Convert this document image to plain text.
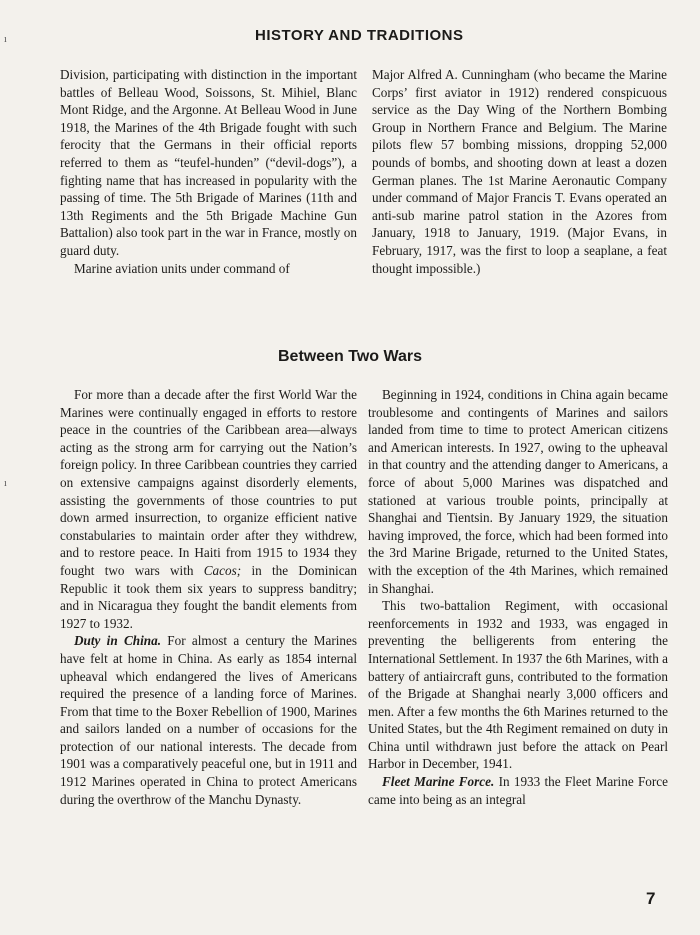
HISTORY AND TRADITIONS

Division, participating with distinction in the important battles of Belleau Wood, Soissons, St. Mihiel, Blanc Mont Ridge, and the Argonne. At Belleau Wood in June 1918, the Marines of the 4th Brigade fought with such ferocity that the Germans in their official reports referred to them as “teufel-hunden” (“devil-dogs”), a fighting name that has increased in popularity with the passing of time. The 5th Brigade of Marines (11th and 13th Regiments and the 5th Brigade Machine Gun Battalion) also took part in the war in France, mostly on guard duty.

Marine aviation units under command of

Major Alfred A. Cunningham (who became the Marine Corps’ first aviator in 1912) rendered conspicuous service as the Day Wing of the Northern Bombing Group in Northern France and Belgium. The Marine pilots flew 57 bombing missions, dropping 52,000 pounds of bombs, and shooting down at least a dozen German planes. The 1st Marine Aeronautic Company under command of Major Francis T. Evans operated an anti-sub marine patrol station in the Azores from January, 1918 to January, 1919. (Major Evans, in February, 1917, was the first to loop a seaplane, a feat thought impossible.)

Between Two Wars

For more than a decade after the first World War the Marines were continually engaged in efforts to restore peace in the countries of the Caribbean area—always acting as the strong arm for carrying out the Nation’s foreign policy. In three Caribbean countries they carried on extensive campaigns against disorderly elements, assisting the governments of those countries to put down armed insurrection, to organize efficient native constabularies to maintain order after they withdrew, and to restore peace. In Haiti from 1915 to 1934 they fought two wars with Cacos; in the Dominican Republic it took them six years to suppress banditry; and in Nicaragua they fought the bandit elements from 1927 to 1932.

Duty in China. For almost a century the Marines have felt at home in China. As early as 1854 internal upheaval which endangered the lives of Americans required the presence of a landing force of Marines. From that time to the Boxer Rebellion of 1900, Marines and sailors landed on a number of occasions for the protection of our national interests. The decade from 1901 was a comparatively peaceful one, but in 1911 and 1912 Marines operated in China to protect Americans during the overthrow of the Manchu Dynasty.

Beginning in 1924, conditions in China again became troublesome and contingents of Marines and sailors landed from time to time to protect American citizens and American interests. In 1927, owing to the upheaval in that country and the attending danger to Americans, a force of about 5,000 Marines was dispatched and stationed at various trouble points, principally at Shanghai and Tientsin. By January 1929, the situation having improved, the force, which had been formed into the 3rd Marine Brigade, returned to the United States, with the exception of the 4th Marines, which remained in Shanghai.

This two-battalion Regiment, with occasional reenforcements in 1932 and 1933, was engaged in preventing the belligerents from entering the International Settlement. In 1937 the 6th Marines, with a battery of antiaircraft guns, contributed to the formation of the Brigade at Shanghai nearly 3,000 officers and men. After a few months the 6th Marines returned to the United States, but the 4th Regiment remained on duty in China until withdrawn just before the attack on Pearl Harbor in December, 1941.

Fleet Marine Force. In 1933 the Fleet Marine Force came into being as an integral

7
ı
ı
